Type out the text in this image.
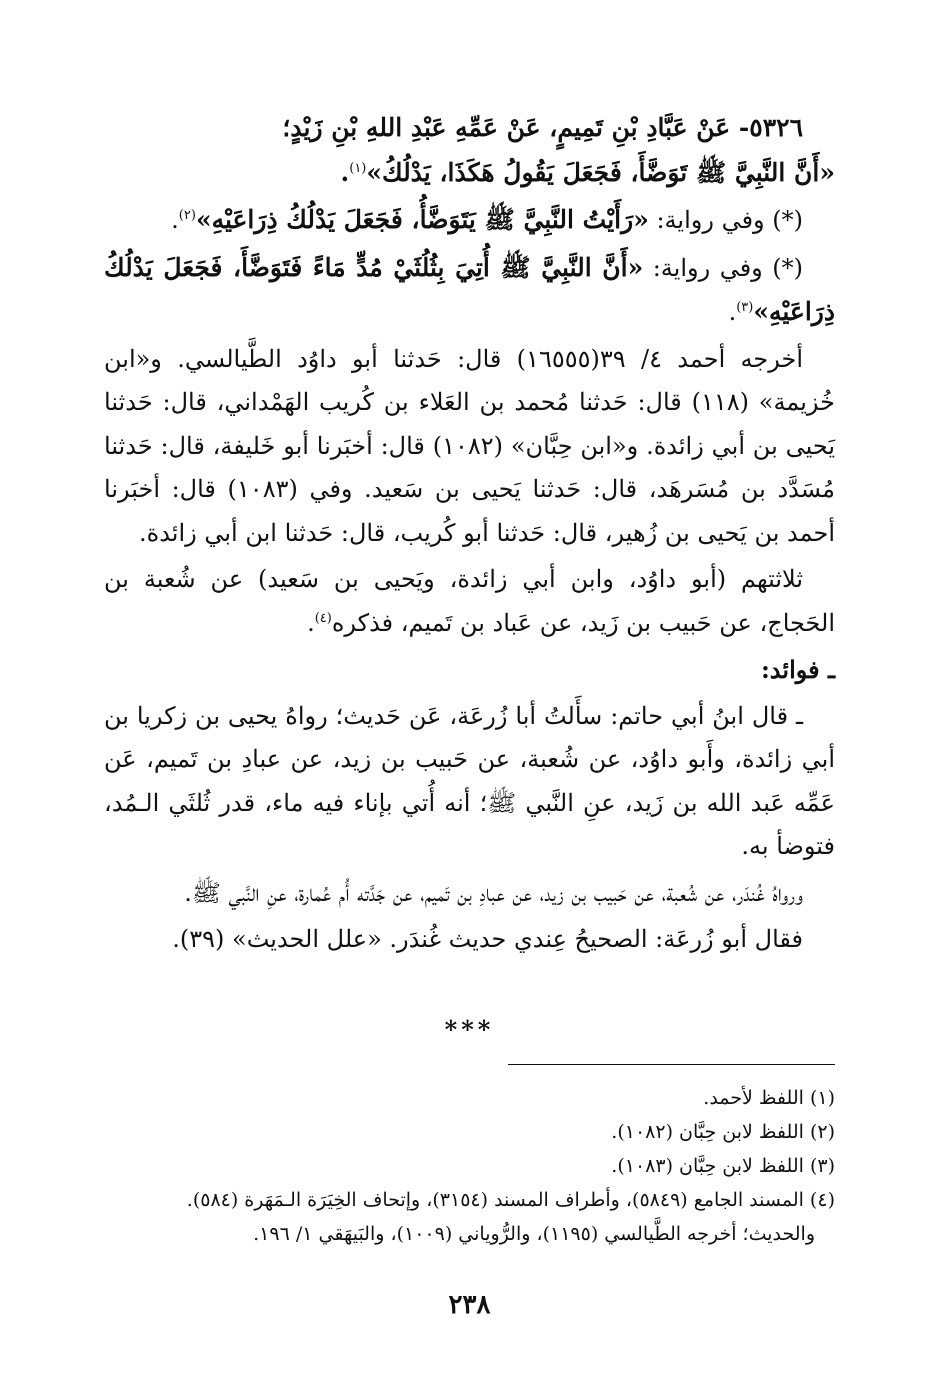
٥٣٢٦- عَنْ عَبَّادِ بْنِ تَمِيمٍ، عَنْ عَمِّهِ عَبْدِ اللهِ بْنِ زَيْدٍ؛
«أَنَّ النَّبِيَّ ﷺ تَوَضَّأَ، فَجَعَلَ يَقُولُ هَكَذَا، يَدْلُكُ»$^{(١)}$.

(*) وفي رواية: «رَأَيْتُ النَّبِيَّ ﷺ يَتَوَضَّأُ، فَجَعَلَ يَدْلُكُ ذِرَاعَيْهِ»$^{(٢)}$.

(*) وفي رواية: «أَنَّ النَّبِيَّ ﷺ أُتِيَ بِثُلُثَيْ مُدٍّ مَاءً فَتَوَضَّأَ، فَجَعَلَ يَدْلُكُ ذِرَاعَيْهِ»$^{(٣)}$.

أخرجه أحمد ٤/ ٣٩(١٦٥٥٥) قال: حَدثنا أبو داوُد الطَّيالسي. و«ابن خُزيمة» (١١٨) قال: حَدثنا مُحمد بن العَلاء بن كُريب الهَمْداني، قال: حَدثنا يَحيى بن أبي زائدة. و«ابن حِبَّان» (١٠٨٢) قال: أخبَرنا أبو خَليفة، قال: حَدثنا مُسَدَّد بن مُسَرهَد، قال: حَدثنا يَحيى بن سَعيد. وفي (١٠٨٣) قال: أخبَرنا أحمد بن يَحيى بن زُهير، قال: حَدثنا أبو كُريب، قال: حَدثنا ابن أبي زائدة.

ثلاثتهم (أبو داوُد، وابن أبي زائدة، ويَحيى بن سَعيد) عن شُعبة بن الحَجاج، عن حَبيب بن زَيد، عن عَباد بن تَميم، فذكره$^{(٤)}$.

ـ فوائد:

ـ قال ابنُ أبي حاتم: سأَلتُ أبا زُرعَة، عَن حَديث؛ رواهُ يحيى بن زكريا بن أبي زائدة، وأَبو داوُد، عن شُعبة، عن حَبيب بن زيد، عن عبادِ بن تَميم، عَن عَمِّه عَبد الله بن زَيد، عنِ النَّبي ﷺ؛ أنه أُتي بإناء فيه ماء، قدر ثُلثَي الـمُد، فتوضأ به.

ورواهُ غُندَر، عن شُعبة، عن حَبيب بن زيد، عن عبادِ بن تَميم، عن جَدَّته أُم عُمارة، عنِ النَّبي ﷺ.

فقال أبو زُرعَة: الصحيحُ عِندي حديث غُندَر. «علل الحديث» (٣٩).

***

(١) اللفظ لأحمد.

(٢) اللفظ لابن حِبَّان (١٠٨٢).

(٣) اللفظ لابن حِبَّان (١٠٨٣).

(٤) المسند الجامع (٥٨٤٩)، وأطراف المسند (٣١٥٤)، وإتحاف الخِيَرَة الـمَهَرة (٥٨٤).

والحديث؛ أخرجه الطَّيالسي (١١٩٥)، والرُّوياني (١٠٠٩)، والبَيهَقي ١/ ١٩٦.

٢٣٨
